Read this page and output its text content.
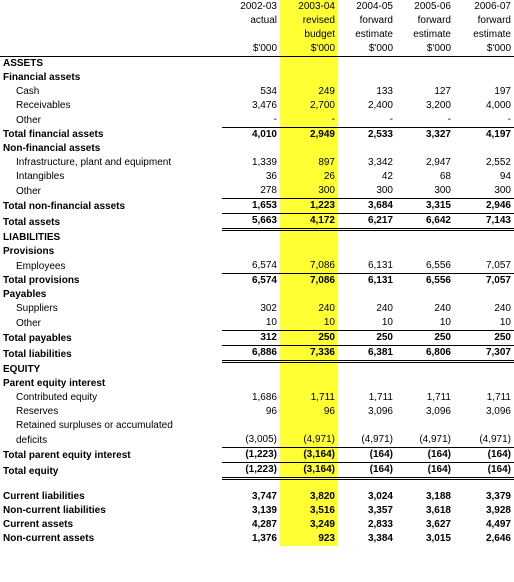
	2002-03	2003-04	2004-05	2005-06	2006-07
	actual	revised	forward	forward	forward
		budget	estimate	estimate	estimate
	$'000	$'000	$'000	$'000	$'000
ASSETS					
Financial assets					
Cash	534	249	133	127	197
Receivables	3,476	2,700	2,400	3,200	4,000
Other	-	-	-	-	-
Total financial assets	4,010	2,949	2,533	3,327	4,197
Non-financial assets					
Infrastructure, plant and equipment	1,339	897	3,342	2,947	2,552
Intangibles	36	26	42	68	94
Other	278	300	300	300	300
Total non-financial assets	1,653	1,223	3,684	3,315	2,946
Total assets	5,663	4,172	6,217	6,642	7,143
LIABILITIES					
Provisions					
Employees	6,574	7,086	6,131	6,556	7,057
Total provisions	6,574	7,086	6,131	6,556	7,057
Payables					
Suppliers	302	240	240	240	240
Other	10	10	10	10	10
Total payables	312	250	250	250	250
Total liabilities	6,886	7,336	6,381	6,806	7,307
EQUITY					
Parent equity interest					
Contributed equity	1,686	1,711	1,711	1,711	1,711
Reserves	96	96	3,096	3,096	3,096
Retained surpluses or accumulated					
deficits	(3,005)	(4,971)	(4,971)	(4,971)	(4,971)
Total parent equity interest	(1,223)	(3,164)	(164)	(164)	(164)
Total equity	(1,223)	(3,164)	(164)	(164)	(164)

Current liabilities	3,747	3,820	3,024	3,188	3,379
Non-current liabilities	3,139	3,516	3,357	3,618	3,928
Current assets	4,287	3,249	2,833	3,627	4,497
Non-current assets	1,376	923	3,384	3,015	2,646
